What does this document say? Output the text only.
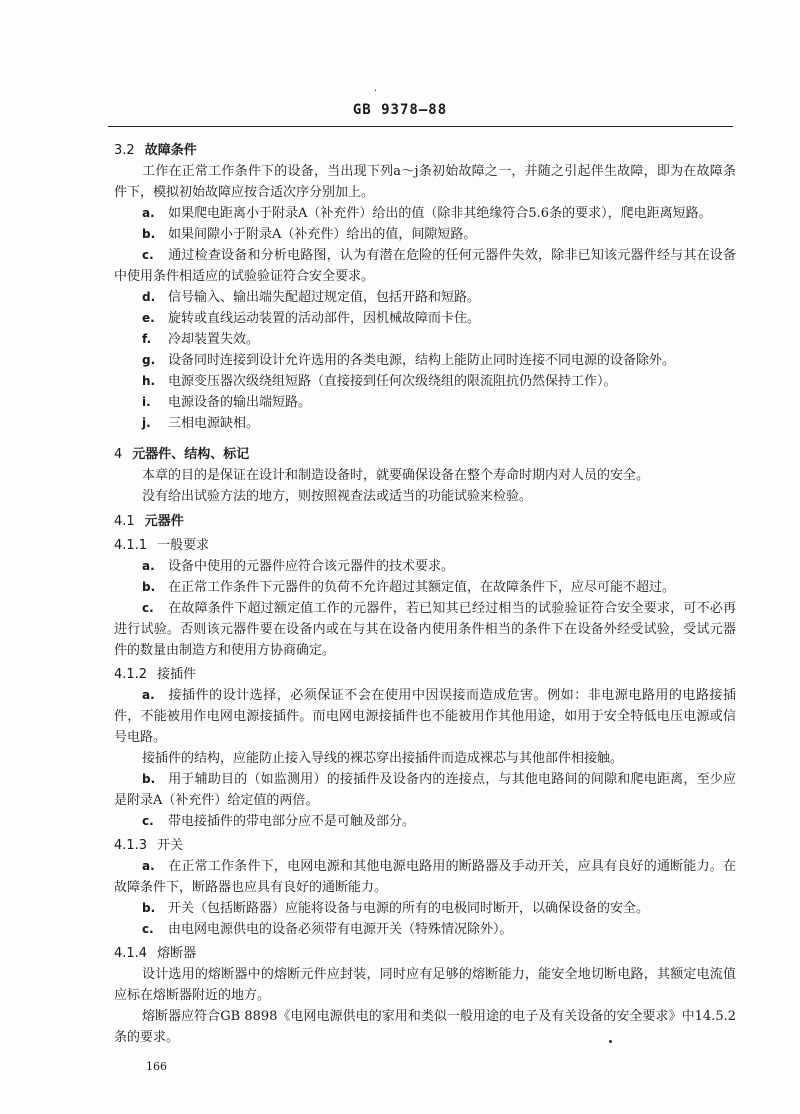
·
GB 9378—88

3.2 故障条件

工作在正常工作条件下的设备，当出现下列a～j条初始故障之一，并随之引起伴生故障，即为在故障条件下，模拟初始故障应按合适次序分别加上。

a. 如果爬电距离小于附录A（补充件）给出的值（除非其绝缘符合5.6条的要求），爬电距离短路。

b. 如果间隙小于附录A（补充件）给出的值，间隙短路。

c. 通过检查设备和分析电路图，认为有潜在危险的任何元器件失效，除非已知该元器件经与其在设备中使用条件相适应的试验验证符合安全要求。

d. 信号输入、输出端失配超过规定值，包括开路和短路。

e. 旋转或直线运动装置的活动部件，因机械故障而卡住。

f. 冷却装置失效。

g. 设备同时连接到设计允许选用的各类电源，结构上能防止同时连接不同电源的设备除外。

h. 电源变压器次级绕组短路（直接接到任何次级绕组的限流阻抗仍然保持工作）。

i. 电源设备的输出端短路。

j. 三相电源缺相。

4 元器件、结构、标记

本章的目的是保证在设计和制造设备时，就要确保设备在整个寿命时期内对人员的安全。

没有给出试验方法的地方，则按照视查法或适当的功能试验来检验。

4.1 元器件

4.1.1 一般要求

a. 设备中使用的元器件应符合该元器件的技术要求。

b. 在正常工作条件下元器件的负荷不允许超过其额定值，在故障条件下，应尽可能不超过。

c. 在故障条件下超过额定值工作的元器件，若已知其已经过相当的试验验证符合安全要求，可不必再进行试验。否则该元器件要在设备内或在与其在设备内使用条件相当的条件下在设备外经受试验，受试元器件的数量由制造方和使用方协商确定。

4.1.2 接插件

a. 接插件的设计选择，必须保证不会在使用中因误接而造成危害。例如：非电源电路用的电路接插件，不能被用作电网电源接插件。而电网电源接插件也不能被用作其他用途，如用于安全特低电压电源或信号电路。

接插件的结构，应能防止接入导线的裸芯穿出接插件而造成裸芯与其他部件相接触。

b. 用于辅助目的（如监测用）的接插件及设备内的连接点，与其他电路间的间隙和爬电距离，至少应是附录A（补充件）给定值的两倍。

c. 带电接插件的带电部分应不是可触及部分。

4.1.3 开关

a. 在正常工作条件下，电网电源和其他电源电路用的断路器及手动开关，应具有良好的通断能力。在故障条件下，断路器也应具有良好的通断能力。

b. 开关（包括断路器）应能将设备与电源的所有的电极同时断开，以确保设备的安全。

c. 由电网电源供电的设备必须带有电源开关（特殊情况除外）。

4.1.4 熔断器

设计选用的熔断器中的熔断元件应封装，同时应有足够的熔断能力，能安全地切断电路，其额定电流值应标在熔断器附近的地方。

熔断器应符合GB 8898《电网电源供电的家用和类似一般用途的电子及有关设备的安全要求》中14.5.2条的要求。

166
